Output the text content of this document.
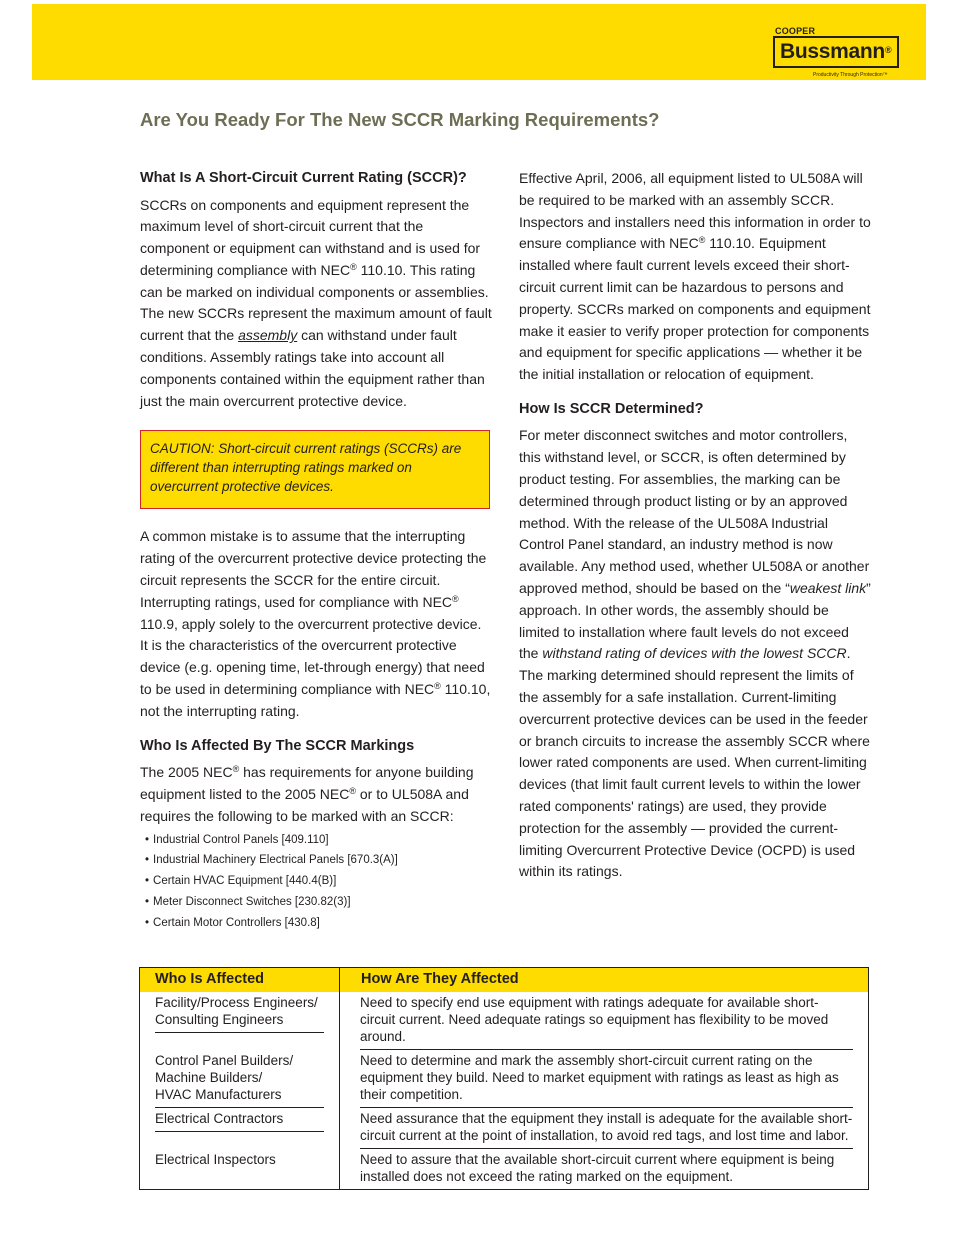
COOPER
Bussmann®
Productivity Through Protection™
Are You Ready For The New SCCR Marking Requirements?
What Is A Short-Circuit Current Rating (SCCR)?

SCCRs on components and equipment represent the maximum level of short-circuit current that the component or equipment can withstand and is used for determining compliance with NEC® 110.10. This rating can be marked on individual components or assemblies. The new SCCRs represent the maximum amount of fault current that the assembly can withstand under fault conditions. Assembly ratings take into account all components contained within the equipment rather than just the main overcurrent protective device.

CAUTION: Short-circuit current ratings (SCCRs) are different than interrupting ratings marked on overcurrent protective devices.

A common mistake is to assume that the interrupting rating of the overcurrent protective device protecting the circuit represents the SCCR for the entire circuit. Interrupting ratings, used for compliance with NEC® 110.9, apply solely to the overcurrent protective device. It is the characteristics of the overcurrent protective device (e.g. opening time, let-through energy) that need to be used in determining compliance with NEC® 110.10, not the interrupting rating.

Who Is Affected By The SCCR Markings

The 2005 NEC® has requirements for anyone building equipment listed to the 2005 NEC® or to UL508A and requires the following to be marked with an SCCR:

• Industrial Control Panels [409.110]
• Industrial Machinery Electrical Panels [670.3(A)]
• Certain HVAC Equipment [440.4(B)]
• Meter Disconnect Switches [230.82(3)]
• Certain Motor Controllers [430.8]

Effective April, 2006, all equipment listed to UL508A will be required to be marked with an assembly SCCR. Inspectors and installers need this information in order to ensure compliance with NEC® 110.10. Equipment installed where fault current levels exceed their short-circuit current limit can be hazardous to persons and property. SCCRs marked on components and equipment make it easier to verify proper protection for components and equipment for specific applications — whether it be the initial installation or relocation of equipment.

How Is SCCR Determined?

For meter disconnect switches and motor controllers, this withstand level, or SCCR, is often determined by product testing. For assemblies, the marking can be determined through product listing or by an approved method. With the release of the UL508A Industrial Control Panel standard, an industry method is now available. Any method used, whether UL508A or another approved method, should be based on the “weakest link” approach. In other words, the assembly should be limited to installation where fault levels do not exceed the withstand rating of devices with the lowest SCCR. The marking determined should represent the limits of the assembly for a safe installation. Current-limiting overcurrent protective devices can be used in the feeder or branch circuits to increase the assembly SCCR where lower rated components are used. When current-limiting devices (that limit fault current levels to within the lower rated components' ratings) are used, they provide protection for the assembly — provided the current-limiting Overcurrent Protective Device (OCPD) is used within its ratings.

Who Is Affected	How Are They Affected

Facility/Process Engineers/
Consulting Engineers	Need to specify end use equipment with ratings adequate for available short-circuit current. Need adequate ratings so equipment has flexibility to be moved around.

Control Panel Builders/
Machine Builders/
HVAC Manufacturers	Need to determine and mark the assembly short-circuit current rating on the equipment they build. Need to market equipment with ratings as least as high as their competition.

Electrical Contractors	Need assurance that the equipment they install is adequate for the available short-circuit current at the point of installation, to avoid red tags, and lost time and labor.

Electrical Inspectors	Need to assure that the available short-circuit current where equipment is being installed does not exceed the rating marked on the equipment.
